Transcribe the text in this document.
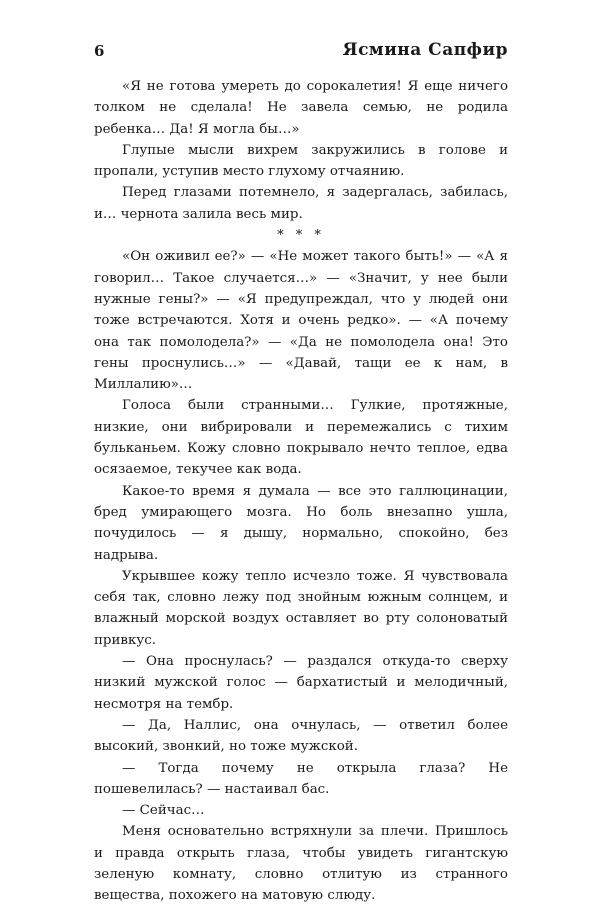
6	Ясмина Сапфир

«Я не готова умереть до сорокалетия! Я еще ничего толком не сделала! Не завела семью, не родила ребенка… Да! Я могла бы…»

Глупые мысли вихрем закружились в голове и пропали, уступив место глухому отчаянию.

Перед глазами потемнело, я задергалась, забилась, и… чернота залила весь мир.

* * *

«Он оживил ее?» — «Не может такого быть!» — «А я говорил… Такое случается…» — «Значит, у нее были нужные гены?» — «Я предупреждал, что у людей они тоже встречаются. Хотя и очень редко». — «А почему она так помолодела?» — «Да не помолодела она! Это гены проснулись…» — «Давай, тащи ее к нам, в Миллалию»…

Голоса были странными… Гулкие, протяжные, низкие, они вибрировали и перемежались с тихим бульканьем. Кожу словно покрывало нечто теплое, едва осязаемое, текучее как вода.

Какое-то время я думала — все это галлюцинации, бред умирающего мозга. Но боль внезапно ушла, почудилось — я дышу, нормально, спокойно, без надрыва.

Укрывшее кожу тепло исчезло тоже. Я чувствовала себя так, словно лежу под знойным южным солнцем, и влажный морской воздух оставляет во рту солоноватый привкус.

— Она проснулась? — раздался откуда-то сверху низкий мужской голос — бархатистый и мелодичный, несмотря на тембр.

— Да, Наллис, она очнулась, — ответил более высокий, звонкий, но тоже мужской.

— Тогда почему не открыла глаза? Не пошевелилась? — настаивал бас.

— Сейчас…

Меня основательно встряхнули за плечи. Пришлось и правда открыть глаза, чтобы увидеть гигантскую зеленую комнату, словно отлитую из странного вещества, похожего на матовую слюду.
